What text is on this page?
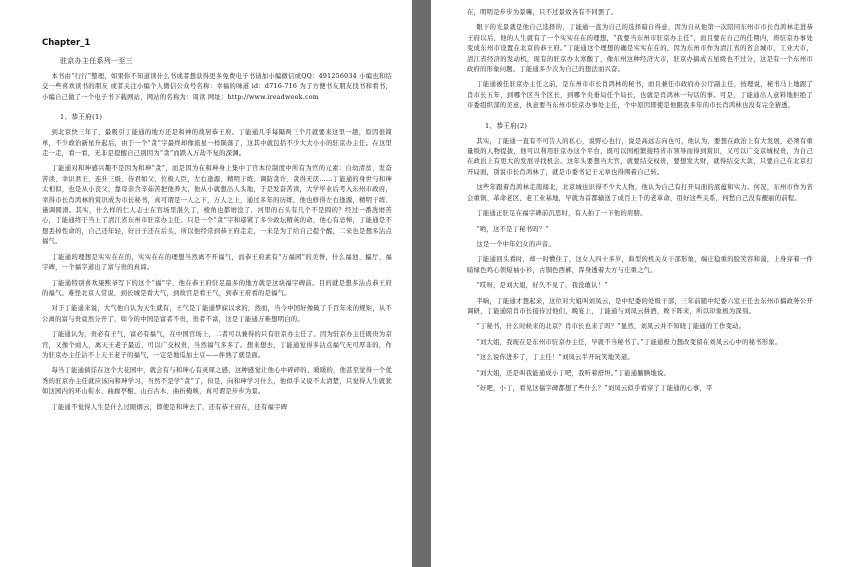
Chapter_1
驻京办主任系列一至三

本书由“行行”整理，如果你不知道读什么书或者想获得更多免费电子书请加小编微信或QQ：491256034 小编也和结交一些喜欢读书的朋友 或者关注小编个人微信公众号名称：幸福的味道 id：d716-716 为了方便书友朋友找书和看书，小编自己做了一个电子书下载网站，网站的名称为：周读 网址：http://www.ireadweek.com

1、恭王府(1)

到北京快三年了，最吸引丁能通的地方还是和神的战居恭王府。丁能通几乎每隔两三个月就要来这里一趟，原因很简单，不少政治新星升起后，由于一个“贪”字最终却像流星一样陨落了，这其中就包括不少大大小小的驻京办主任。在这里走一走，看一看，无非是提醒自己别因为“贪”而跌入万劫不复的深渊。

丁能通对和珅感兴趣不是因为和珅“贪”，而是因为在和珅身上集中了官本位制度中所有为官的元素：自幼清贫、发奋苦读、幸识君王、连升三级、侍君如父、位极人臣，左右逢源、精明干练、调防贪许、贪得无厌……丁能通的身世与和珅太相似，也是从小丧父，靠母亲含辛茹苦把他养大，他从小就想出人头地，于是发奋苦读，大学毕业后考入东州市政府，幸得市长肖鸿林的赏识成为市长秘书，真可谓是一人之下，万人之上，通过多年的历练，他也修得左右逢源，精明干练、谨调圆滑。其实，什么样的仁人志士在官场里混久了，棱角也都磨没了，河里的石头有几个不是圆的？经过一番冼磨苦心，丁能通终于当上了清江省东州市驻京办主任。只是一个“贪”字和邬紧了多少政坛精英的命，他心有忌惮，丁能通是不想丢掉性命的，自己还年轻，好日子还在后头，所以他经常到恭王府走走，一来是为了给自己提个醒，二来也是想多沾点福气。

丁能通的理想是实实在在的，实实在在的理想当然离不开福气，而恭王府素有“万福园”的美誉，什么福池、蝠厅、福字碑，一个福字道出了富与贵的真谛。

丁能通特别喜欢康熙爷写下的这个“福”字，他在恭王府驻足最多的地方就是这块福字碑前。目的就是想多沾点恭王府的福气。难怪北京人常说，到长城是看大气，到故宫是看王气，到恭王府看的是福气。

对于丁能通来说，大气他自认为天生就有，王气是丁能通梦寐以求的，然而，当今中国好像破了千百年来的规矩，从不公离的富与贵竟然分开了，如今的中国是富者不贵，贵者不富，这是丁能通万难想明白的。

丁能通认为，贵必有王气，富必有福气，在中国官场上，二者可以兼得的只有驻京办主任了。因为驻京办主任既贵为京官，又像个商人，离天王老子最近，可以广交权贵，当然福气多多了。想来想去，丁能通觉得多沾点福气无可厚非的，作为驻京办主任沾不上天王老子的福气，一定是地瓜加土豆——伴熟了就是面。

每当丁能通徜徉在这个大花园中，就会有与和珅心有灵犀之感，这种感觉让他心中碎碎的、暖暖的，他甚至觉得一个优秀的驻京办主任就应该向和珅学习，当然不是学“贪”了，但是，向和珅学习什么，他似乎又说不太清楚，只觉得人生就犹如这园内的环山衔水、曲廊亭榭、山石古木、曲折掩映，真可谓是步步为景。

丁能通不觉得人生是什么过眼烟云，即使是和珅去了，还有恭王府在，还有福字碑

在，明明是步步为景嘛，只不过景致各有不同罢了。

眼下的光景就是他自己选择的，丁能通一直为自己的选择暗自得意，因为自从他第一次陪同东州市市长肖鸿林走进恭王府以后，他的人生就有了一个实实在在的理想，“我要当东州市驻京办主任”，而且要在自己的任期内，将驻京办事处变成东州市设置在北京的恭王府。”丁能通这个理想的确是实实在在的，因为东州市作为清江省的省会城市，工业大市，清江省经济的发动机，现有的驻京办太寒酸了，像东州这种经济大市，驻京办搞成五星级也不过分，这是有一个东州市政府的形象问题。丁能通多少次为自己的想法而兴奋。

丁能通被任驻京办主任之前，是东州市市长肖鸿林的秘书，而且兼任市政府办公厅副主任，按理说，秘书马上地跟了肖市长五年，到哪个区当个区长，到哪个央垂局任个局长，也就是肖鸿林一句话的事。可是，丁能通出人意料地拒绝了市委组织部的美意，执意要当东州市驻京办事处主任，个中原因即使是他跟我多年的市长肖鸿林也没有完全猜透。

1、恭王府(2)

其实，丁能通一直有不可告人的私心，说野心也行，说是高远志向也可，他认为，要想在政治上有大发展，必须有重量级的人物提拔，他可以利用驻京办这个平台，既可以国相繁接特省市领导而得到赏识，又可以广交京城权贵，为自己在政治上有更大的发展寻找机会。这年头要想当大官，就要结交权贵，要想发大财，就得结交大款，只要自己在北京打开局面，别说市长肖鸿林了，就是市委书记王元章也得围着自己转。

这些年跟着肖鸿林走南闯北，北京城也识得不少大人物，他认为自己有打开局面的底蕴和实力。何况，东州市作为省会重镇、革命老区、老工业基地，早就为首都输送了成百上千的老革命，用好这些关系，何愁自己没有靓丽的前程。

丁能通正驻足在福字碑前沉思时，有人拍了一下他的肩膀。

“哟，这不是丁秘书吗？”

这是一个中年妇女的声音。

丁能通回头看时，却一时懵住了，这女人四十多岁，典型的机关女干部形象，端庄稳重的脸笑容和蔼，上身穿着一件暗绿色鸡心领短袖小衫，古铜色西裤，浑身透着大方与庄重之气。

“哎呀，是刘大姐，好久不见了，我没敢认！”

半晌，丁能通才想起来，这位对大姐叫刘凤云，是中纪委的处级干部，三年前随中纪委六室王任去东州市搞政务公开调研，丁能通陪肖市长接待过他们，晚宴上，丁能通与刘凤云拼酒，败下阵来，所以印象极为深刻。

“丁秘书，什么时候来的北京？肖市长也来了吗？”显然，刘凤云并不知晓丁能通的工作变动。

“刘大姐，我现在是东州市驻京办主任，早就不当秘书了。”丁能通极力想改变留在刘凤云心中的秘书形象。

“这么说你进步了，丁主任！”刘凤云半开玩笑地笑道。

“刘大姐，还是叫我能通成小丁吧，我听着舒坦。”丁能通腼腆地说。

“好吧，小丁，看见这福字碑都想了些什么？”刘凤云似乎看穿了丁能通的心事，平
